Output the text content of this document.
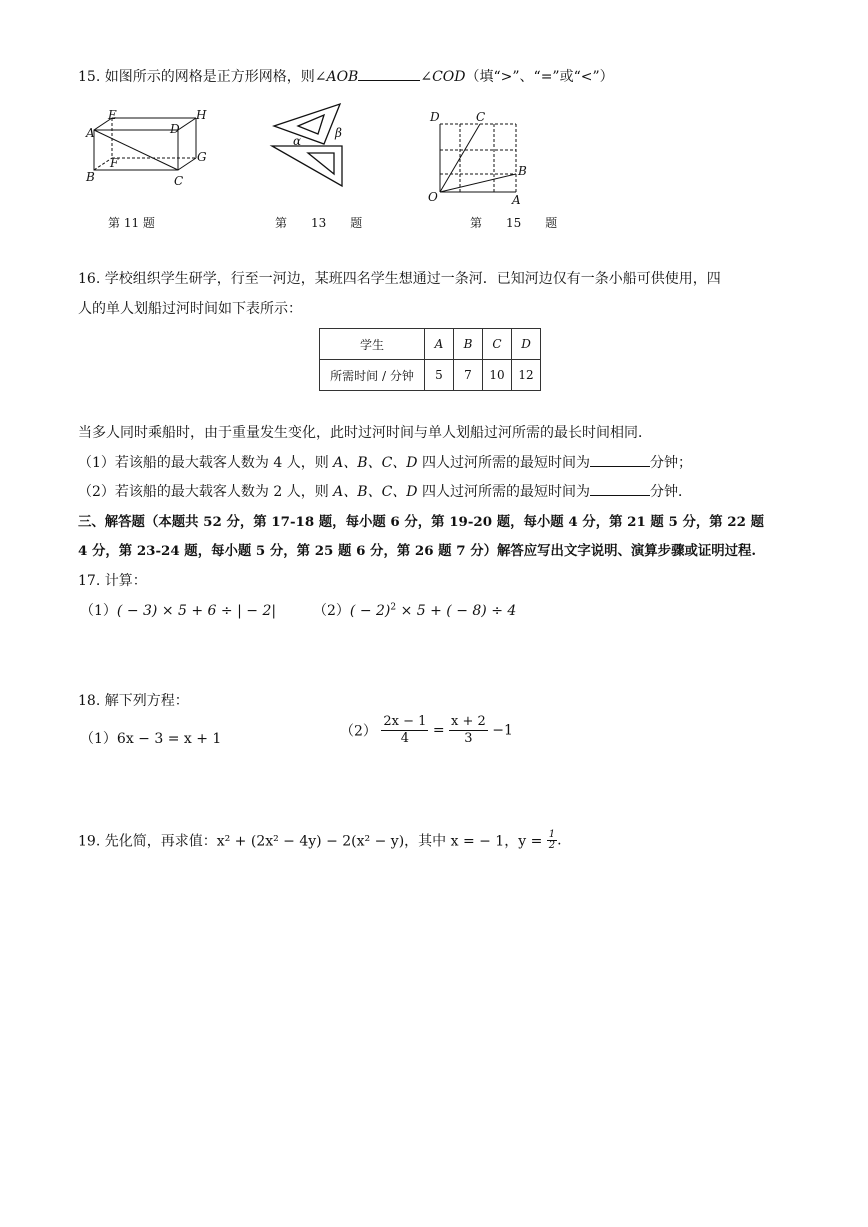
15. 如图所示的网格是正方形网格，则∠AOB	∠COD（填“>”、“=”或“<”）
E	H
A	D
G
F
B	C
第 11 题
α
β
第　　13　　题
D	C
B
O	A
第　　15　　题
16. 学校组织学生研学，行至一河边，某班四名学生想通过一条河．已知河边仅有一条小船可供使用，四
人的单人划船过河时间如下表所示：
学生	A	B	C	D
所需时间 / 分钟	5	7	10	12
当多人同时乘船时，由于重量发生变化，此时过河时间与单人划船过河所需的最长时间相同．
（1）若该船的最大载客人数为 4 人，则 A、B、C、D 四人过河所需的最短时间为	分钟；
（2）若该船的最大载客人数为 2 人，则 A、B、C、D 四人过河所需的最短时间为	分钟．
三、解答题（本题共 52 分，第 17-18 题，每小题 6 分，第 19-20 题，每小题 4 分，第 21 题 5 分，第 22 题
4 分，第 23-24 题，每小题 5 分，第 25 题 6 分，第 26 题 7 分）解答应写出文字说明、演算步骤或证明过程.
17. 计算：
（1）( − 3) × 5 + 6 ÷ | − 2|	$(2)( - 2)^2 \times 5$ + ( − 8) ÷ 4
18. 解下列方程：
（1）6x − 3 = x + 1	$(2) \frac{2x - 1}{4} = \frac{x + 2}{3} -1$
19. 先化简，再求值：x² + (2x² − 4y) − 2(x² − y)，其中 x = − 1，$y = \frac{1}{2}$ .
